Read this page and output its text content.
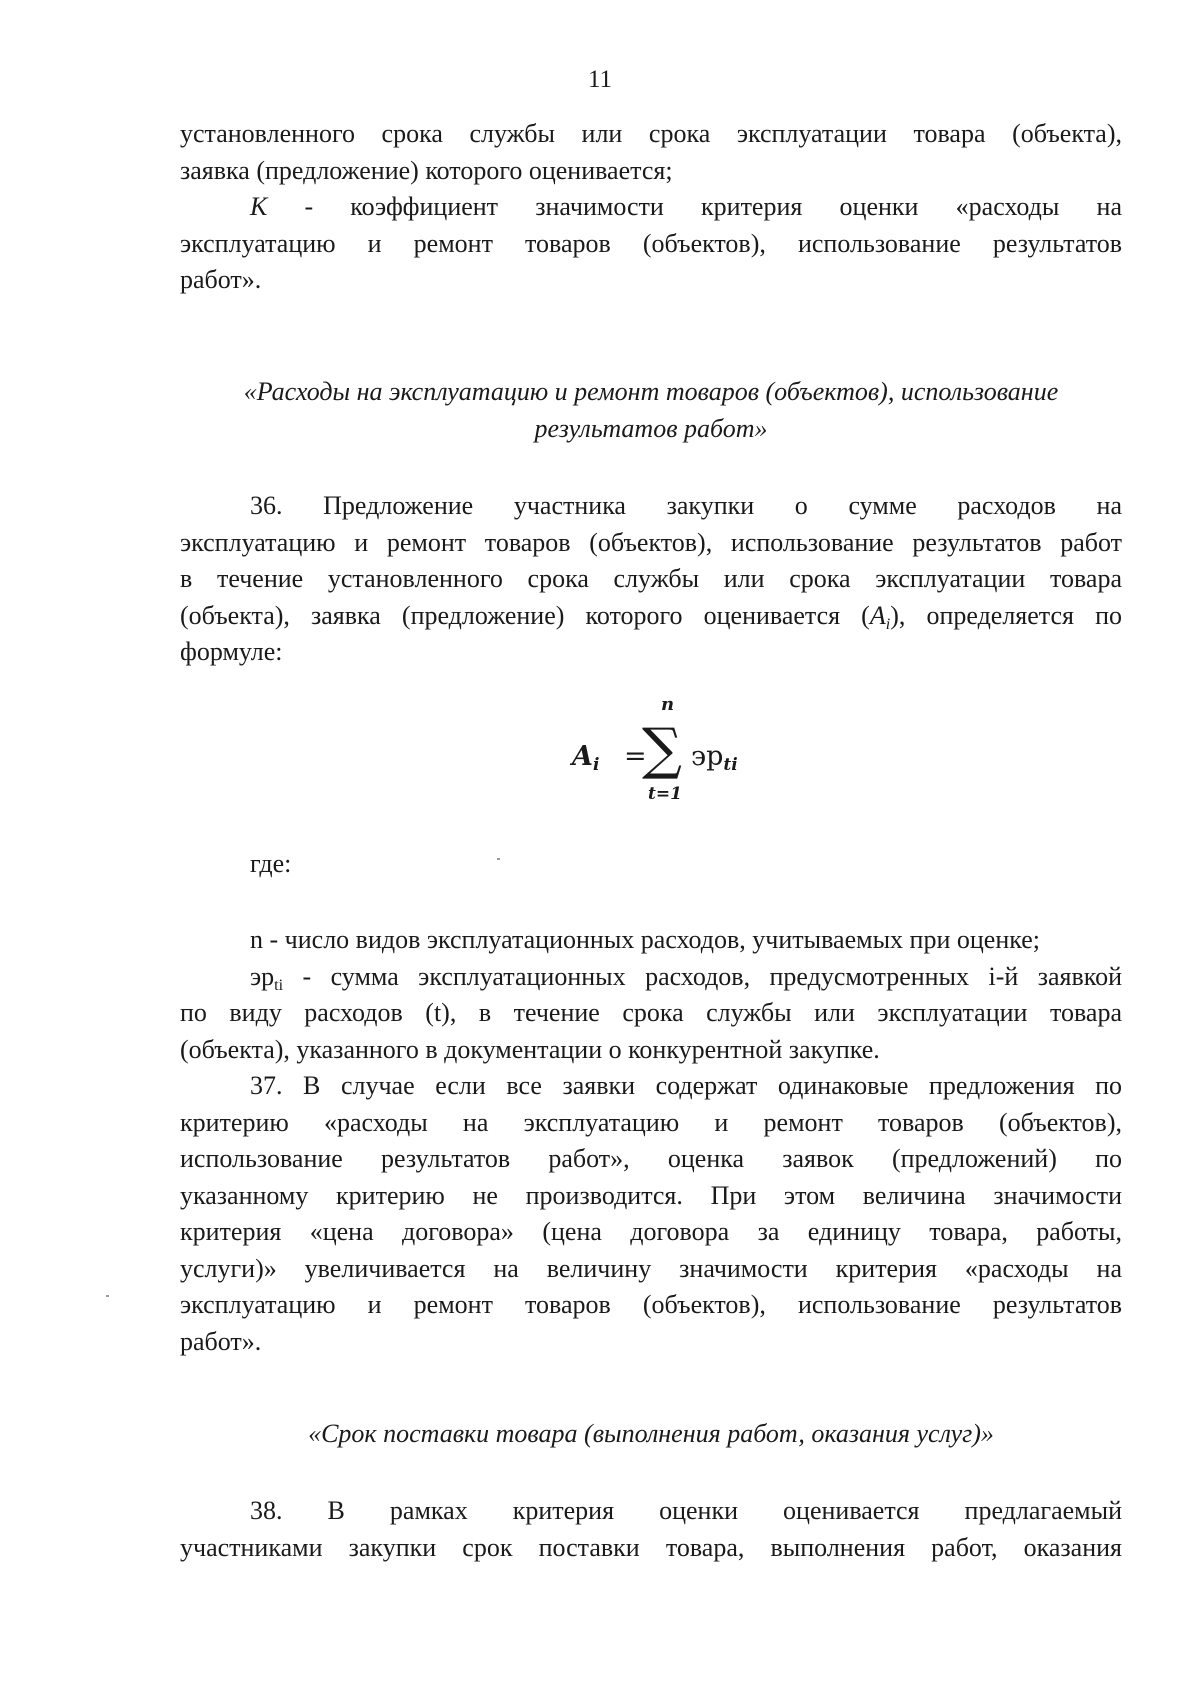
11
установленного срока службы или срока эксплуатации товара (объекта),
заявка (предложение) которого оценивается;
К - коэффициент значимости критерия оценки «расходы на
эксплуатацию и ремонт товаров (объектов), использование результатов
работ».
«Расходы на эксплуатацию и ремонт товаров (объектов), использование
результатов работ»
36. Предложение участника закупки о сумме расходов на
эксплуатацию и ремонт товаров (объектов), использование результатов работ
в течение установленного срока службы или срока эксплуатации товара
(объекта), заявка (предложение) которого оценивается $(A_i)$, определяется по
формуле:
$A_i$ =
∑
n
t=1
$эр_{ti}$
где:
n - число видов эксплуатационных расходов, учитываемых при оценке;
$эр_{ti}$ - сумма эксплуатационных расходов, предусмотренных i-й заявкой
по виду расходов (t), в течение срока службы или эксплуатации товара
(объекта), указанного в документации о конкурентной закупке.
37. В случае если все заявки содержат одинаковые предложения по
критерию «расходы на эксплуатацию и ремонт товаров (объектов),
использование результатов работ», оценка заявок (предложений) по
указанному критерию не производится. При этом величина значимости
критерия «цена договора» (цена договора за единицу товара, работы,
услуги)» увеличивается на величину значимости критерия «расходы на
эксплуатацию и ремонт товаров (объектов), использование результатов
работ».
«Срок поставки товара (выполнения работ, оказания услуг)»
38. В рамках критерия оценки оценивается предлагаемый
участниками закупки срок поставки товара, выполнения работ, оказания
